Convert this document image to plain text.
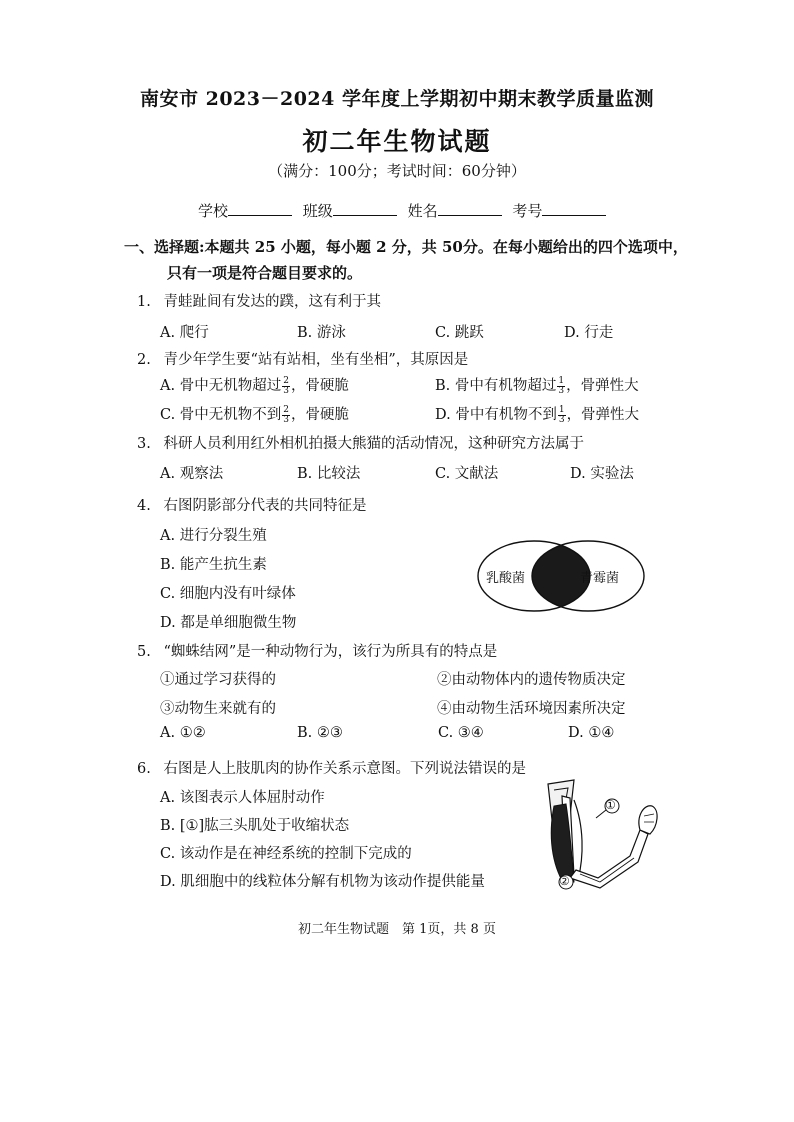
南安市 2023－2024 学年度上学期初中期末教学质量监测
初二年生物试题
（满分：100分；考试时间：60分钟）
学校	班级	姓名	考号
一、选择题:本题共 25 小题，每小题 2 分，共 50分。在每小题给出的四个选项中，
只有一项是符合题目要求的。
1. 青蛙趾间有发达的蹼，这有利于其
A. 爬行	B. 游泳	C. 跳跃	D. 行走
2. 青少年学生要“站有站相，坐有坐相”，其原因是
A. 骨中无机物超过 $\frac{2}{3}$ ，骨硬脆	B. 骨中有机物超过 $\frac{1}{3}$ ，骨弹性大
C. 骨中无机物不到 $\frac{2}{3}$ ，骨硬脆	D. 骨中有机物不到 $\frac{1}{3}$ ，骨弹性大
3. 科研人员利用红外相机拍摄大熊猫的活动情况，这种研究方法属于
A. 观察法	B. 比较法	C. 文献法	D. 实验法
4. 右图阴影部分代表的共同特征是
A. 进行分裂生殖
B. 能产生抗生素
C. 细胞内没有叶绿体
D. 都是单细胞微生物
乳酸菌	青霉菌
5. “蜘蛛结网”是一种动物行为，该行为所具有的特点是
①通过学习获得的	②由动物体内的遗传物质决定
③动物生来就有的	④由动物生活环境因素所决定
A. ①②	B. ②③	C. ③④	D. ①④
6. 右图是人上肢肌肉的协作关系示意图。下列说法错误的是
A. 该图表示人体屈肘动作
B. [①]肱三头肌处于收缩状态
C. 该动作是在神经系统的控制下完成的
D. 肌细胞中的线粒体分解有机物为该动作提供能量
①
②
初二年生物试题　第 1页，共 8 页
